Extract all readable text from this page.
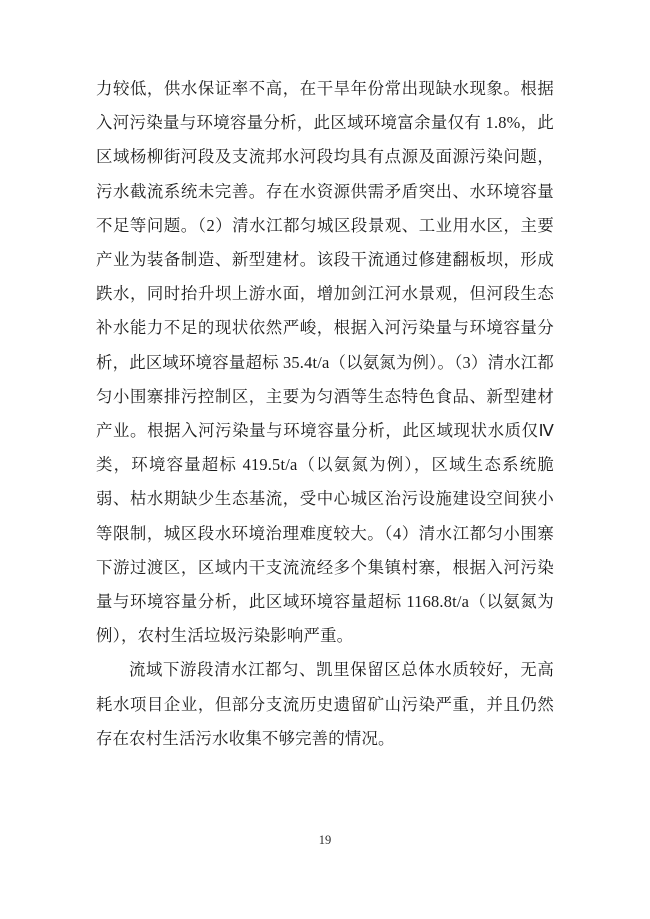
力较低，供水保证率不高，在干旱年份常出现缺水现象。根据入河污染量与环境容量分析，此区域环境富余量仅有 1.8%，此区域杨柳街河段及支流邦水河段均具有点源及面源污染问题，污水截流系统未完善。存在水资源供需矛盾突出、水环境容量不足等问题。（2）清水江都匀城区段景观、工业用水区，主要产业为装备制造、新型建材。该段干流通过修建翻板坝，形成跌水，同时抬升坝上游水面，增加剑江河水景观，但河段生态补水能力不足的现状依然严峻，根据入河污染量与环境容量分析，此区域环境容量超标 35.4t/a（以氨氮为例）。（3）清水江都匀小围寨排污控制区，主要为匀酒等生态特色食品、新型建材产业。根据入河污染量与环境容量分析，此区域现状水质仅Ⅳ类，环境容量超标 419.5t/a（以氨氮为例），区域生态系统脆弱、枯水期缺少生态基流，受中心城区治污设施建设空间狭小等限制，城区段水环境治理难度较大。（4）清水江都匀小围寨下游过渡区，区域内干支流流经多个集镇村寨，根据入河污染量与环境容量分析，此区域环境容量超标 1168.8t/a（以氨氮为例），农村生活垃圾污染影响严重。

流域下游段清水江都匀、凯里保留区总体水质较好，无高耗水项目企业，但部分支流历史遗留矿山污染严重，并且仍然存在农村生活污水收集不够完善的情况。

19
